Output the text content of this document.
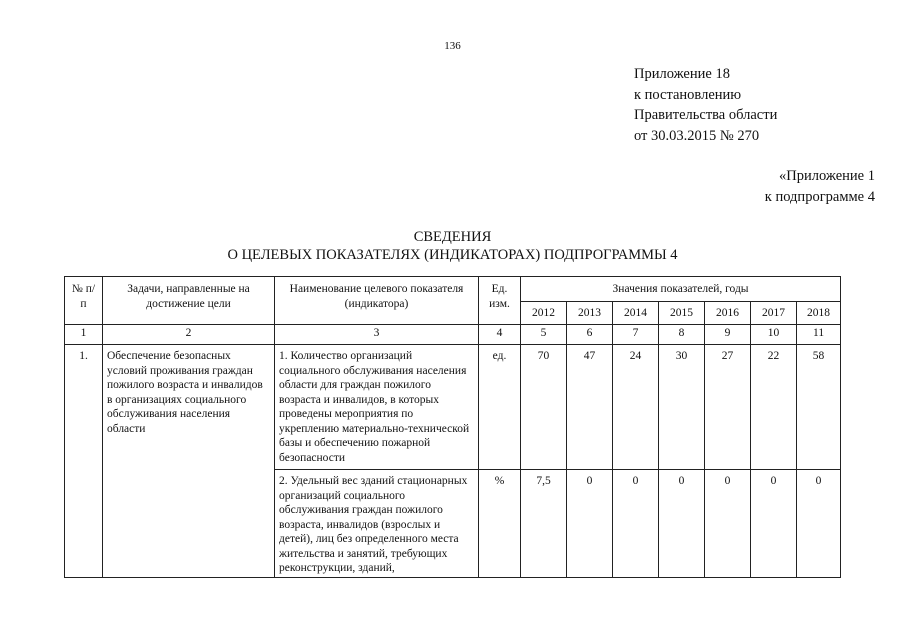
136
Приложение 18
к постановлению
Правительства области
от 30.03.2015 № 270
«Приложение 1
к подпрограмме 4
СВЕДЕНИЯ
О ЦЕЛЕВЫХ ПОКАЗАТЕЛЯХ (ИНДИКАТОРАХ) ПОДПРОГРАММЫ 4
№ п/п	Задачи, направленные на достижение цели	Наименование целевого показателя (индикатора)	Ед. изм.	Значения показателей, годы						
				2012	2013	2014	2015	2016	2017	2018
1	2	3	4	5	6	7	8	9	10	11
1.	Обеспечение безопасных условий проживания граждан пожилого возраста и инвалидов в организациях социального обслуживания населения области	1. Количество организаций социального обслуживания населения области для граждан пожилого возраста и инвалидов, в которых проведены мероприятия по укреплению материально-технической базы и обеспечению пожарной безопасности	ед.	70	47	24	30	27	22	58
		2. Удельный вес зданий стационарных организаций социального обслуживания граждан пожилого возраста, инвалидов (взрослых и детей), лиц без определенного места жительства и занятий, требующих реконструкции, зданий,	%	7,5	0	0	0	0	0	0
